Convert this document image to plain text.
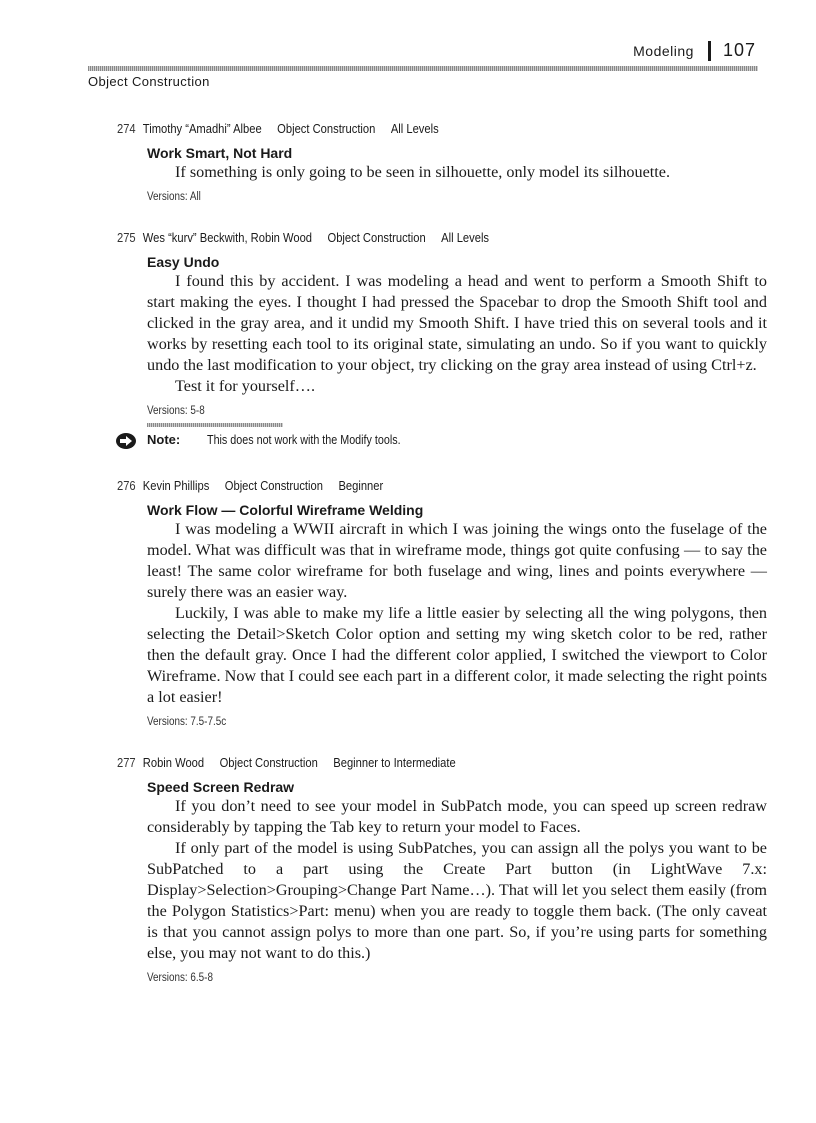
Modeling 107
Object Construction
274 Timothy “Amadhi” Albee Object Construction All Levels
Work Smart, Not Hard

If something is only going to be seen in silhouette, only model its silhouette.

Versions: All
275 Wes “kurv” Beckwith, Robin Wood Object Construction All Levels
Easy Undo

I found this by accident. I was modeling a head and went to perform a Smooth Shift to start making the eyes. I thought I had pressed the Spacebar to drop the Smooth Shift tool and clicked in the gray area, and it undid my Smooth Shift. I have tried this on several tools and it works by resetting each tool to its original state, simulating an undo. So if you want to quickly undo the last modification to your object, try clicking on the gray area instead of using Ctrl+z.

Test it for yourself….

Versions: 5-8
Note: This does not work with the Modify tools.
276 Kevin Phillips Object Construction Beginner
Work Flow — Colorful Wireframe Welding

I was modeling a WWII aircraft in which I was joining the wings onto the fuselage of the model. What was difficult was that in wireframe mode, things got quite confusing — to say the least! The same color wireframe for both fuselage and wing, lines and points everywhere — surely there was an easier way.

Luckily, I was able to make my life a little easier by selecting all the wing polygons, then selecting the Detail>Sketch Color option and setting my wing sketch color to be red, rather then the default gray. Once I had the different color applied, I switched the viewport to Color Wireframe. Now that I could see each part in a different color, it made selecting the right points a lot easier!

Versions: 7.5-7.5c
277 Robin Wood Object Construction Beginner to Intermediate
Speed Screen Redraw

If you don’t need to see your model in SubPatch mode, you can speed up screen redraw considerably by tapping the Tab key to return your model to Faces.

If only part of the model is using SubPatches, you can assign all the polys you want to be SubPatched to a part using the Create Part button (in LightWave 7.x: Display>Selection>Grouping>Change Part Name…). That will let you select them easily (from the Polygon Statistics>Part: menu) when you are ready to toggle them back. (The only caveat is that you cannot assign polys to more than one part. So, if you’re using parts for something else, you may not want to do this.)

Versions: 6.5-8
